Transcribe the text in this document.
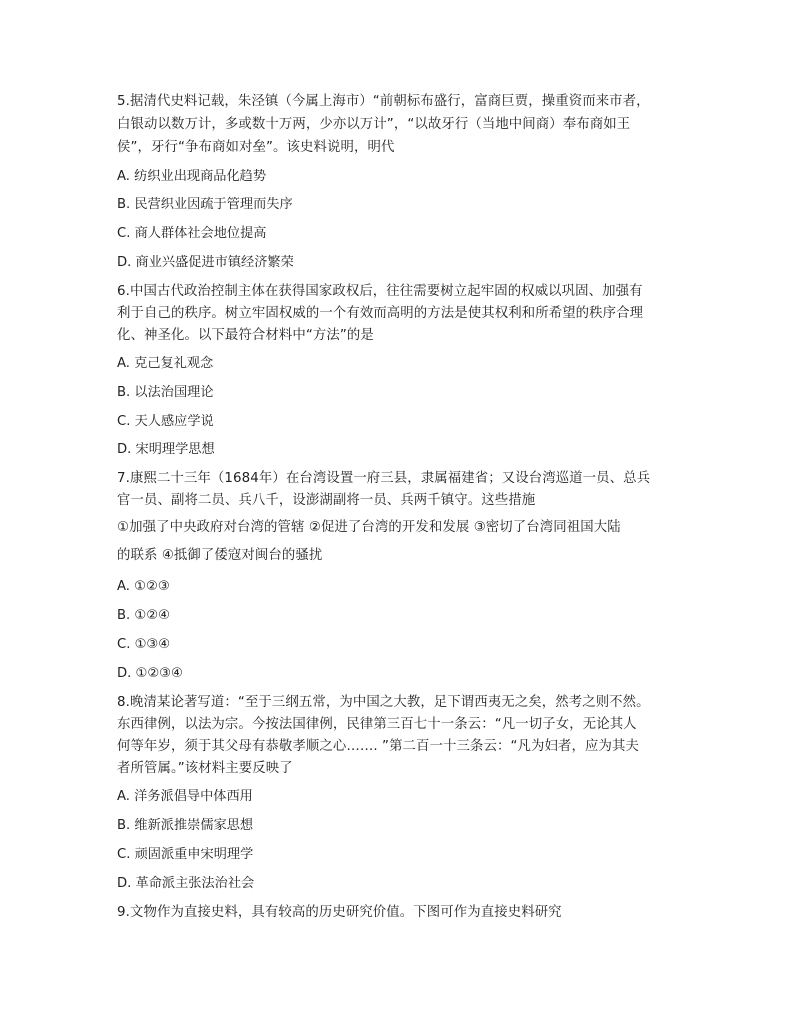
5.据清代史料记载，朱泾镇（今属上海市）“前朝标布盛行，富商巨贾，操重资而来市者，
白银动以数万计，多或数十万两，少亦以万计”，“以故牙行（当地中间商）奉布商如王
侯”，牙行“争布商如对垒”。该史料说明，明代
A. 纺织业出现商品化趋势
B. 民营织业因疏于管理而失序
C. 商人群体社会地位提高
D. 商业兴盛促进市镇经济繁荣
6.中国古代政治控制主体在获得国家政权后，往往需要树立起牢固的权威以巩固、加强有
利于自己的秩序。树立牢固权威的一个有效而高明的方法是使其权利和所希望的秩序合理
化、神圣化。以下最符合材料中“方法”的是
A. 克己复礼观念
B. 以法治国理论
C. 天人感应学说
D. 宋明理学思想
7.康熙二十三年（1684年）在台湾设置一府三县，隶属福建省；又设台湾巡道一员、总兵
官一员、副将二员、兵八千，设澎湖副将一员、兵两千镇守。这些措施
①加强了中央政府对台湾的管辖 ②促进了台湾的开发和发展 ③密切了台湾同祖国大陆
的联系 ④抵御了倭寇对闽台的骚扰
A. ①②③
B. ①②④
C. ①③④
D. ①②③④
8.晚清某论著写道：“至于三纲五常，为中国之大教，足下谓西夷无之矣，然考之则不然。
东西律例，以法为宗。今按法国律例，民律第三百七十一条云：“凡一切子女，无论其人
何等年岁，须于其父母有恭敬孝顺之心……. ”第二百一十三条云：“凡为妇者，应为其夫
者所管属。”该材料主要反映了
A. 洋务派倡导中体西用
B. 维新派推崇儒家思想
C. 顽固派重申宋明理学
D. 革命派主张法治社会
9.文物作为直接史料，具有较高的历史研究价值。下图可作为直接史料研究
